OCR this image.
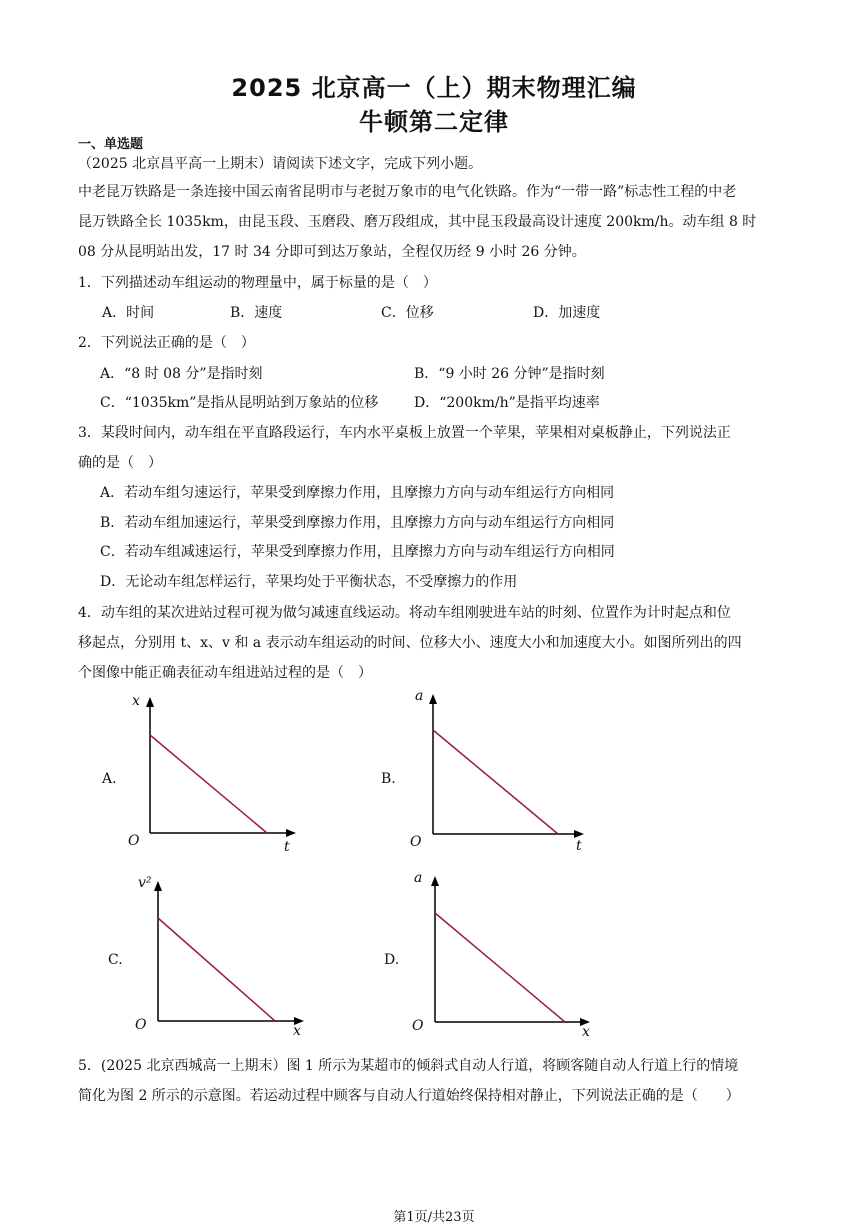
2025 北京高一（上）期末物理汇编
牛顿第二定律
一、单选题
（2025 北京昌平高一上期末）请阅读下述文字，完成下列小题。
中老昆万铁路是一条连接中国云南省昆明市与老挝万象市的电气化铁路。作为“一带一路”标志性工程的中老
昆万铁路全长 1035km，由昆玉段、玉磨段、磨万段组成，其中昆玉段最高设计速度 200km/h。动车组 8 时
08 分从昆明站出发，17 时 34 分即可到达万象站，全程仅历经 9 小时 26 分钟。
1．下列描述动车组运动的物理量中，属于标量的是（　）
A．时间	B．速度	C．位移	D．加速度
2．下列说法正确的是（　）
A．“8 时 08 分”是指时刻	B．“9 小时 26 分钟”是指时刻
C．“1035km”是指从昆明站到万象站的位移	D．“200km/h”是指平均速率
3．某段时间内，动车组在平直路段运行，车内水平桌板上放置一个苹果，苹果相对桌板静止，下列说法正
确的是（　）
A．若动车组匀速运行，苹果受到摩擦力作用，且摩擦力方向与动车组运行方向相同
B．若动车组加速运行，苹果受到摩擦力作用，且摩擦力方向与动车组运行方向相同
C．若动车组减速运行，苹果受到摩擦力作用，且摩擦力方向与动车组运行方向相同
D．无论动车组怎样运行，苹果均处于平衡状态，不受摩擦力的作用
4．动车组的某次进站过程可视为做匀减速直线运动。将动车组刚驶进车站的时刻、位置作为计时起点和位
移起点，分别用 t、x、v 和 a 表示动车组运动的时间、位移大小、速度大小和加速度大小。如图所列出的四
个图像中能正确表征动车组进站过程的是（　）
A.
x
t
O
B.
a
t
O
C.
v²
x
O
D.
a
x
O
5．(2025 北京西城高一上期末）图 1 所示为某超市的倾斜式自动人行道，将顾客随自动人行道上行的情境
简化为图 2 所示的示意图。若运动过程中顾客与自动人行道始终保持相对静止，下列说法正确的是（　　）
第1页/共23页
